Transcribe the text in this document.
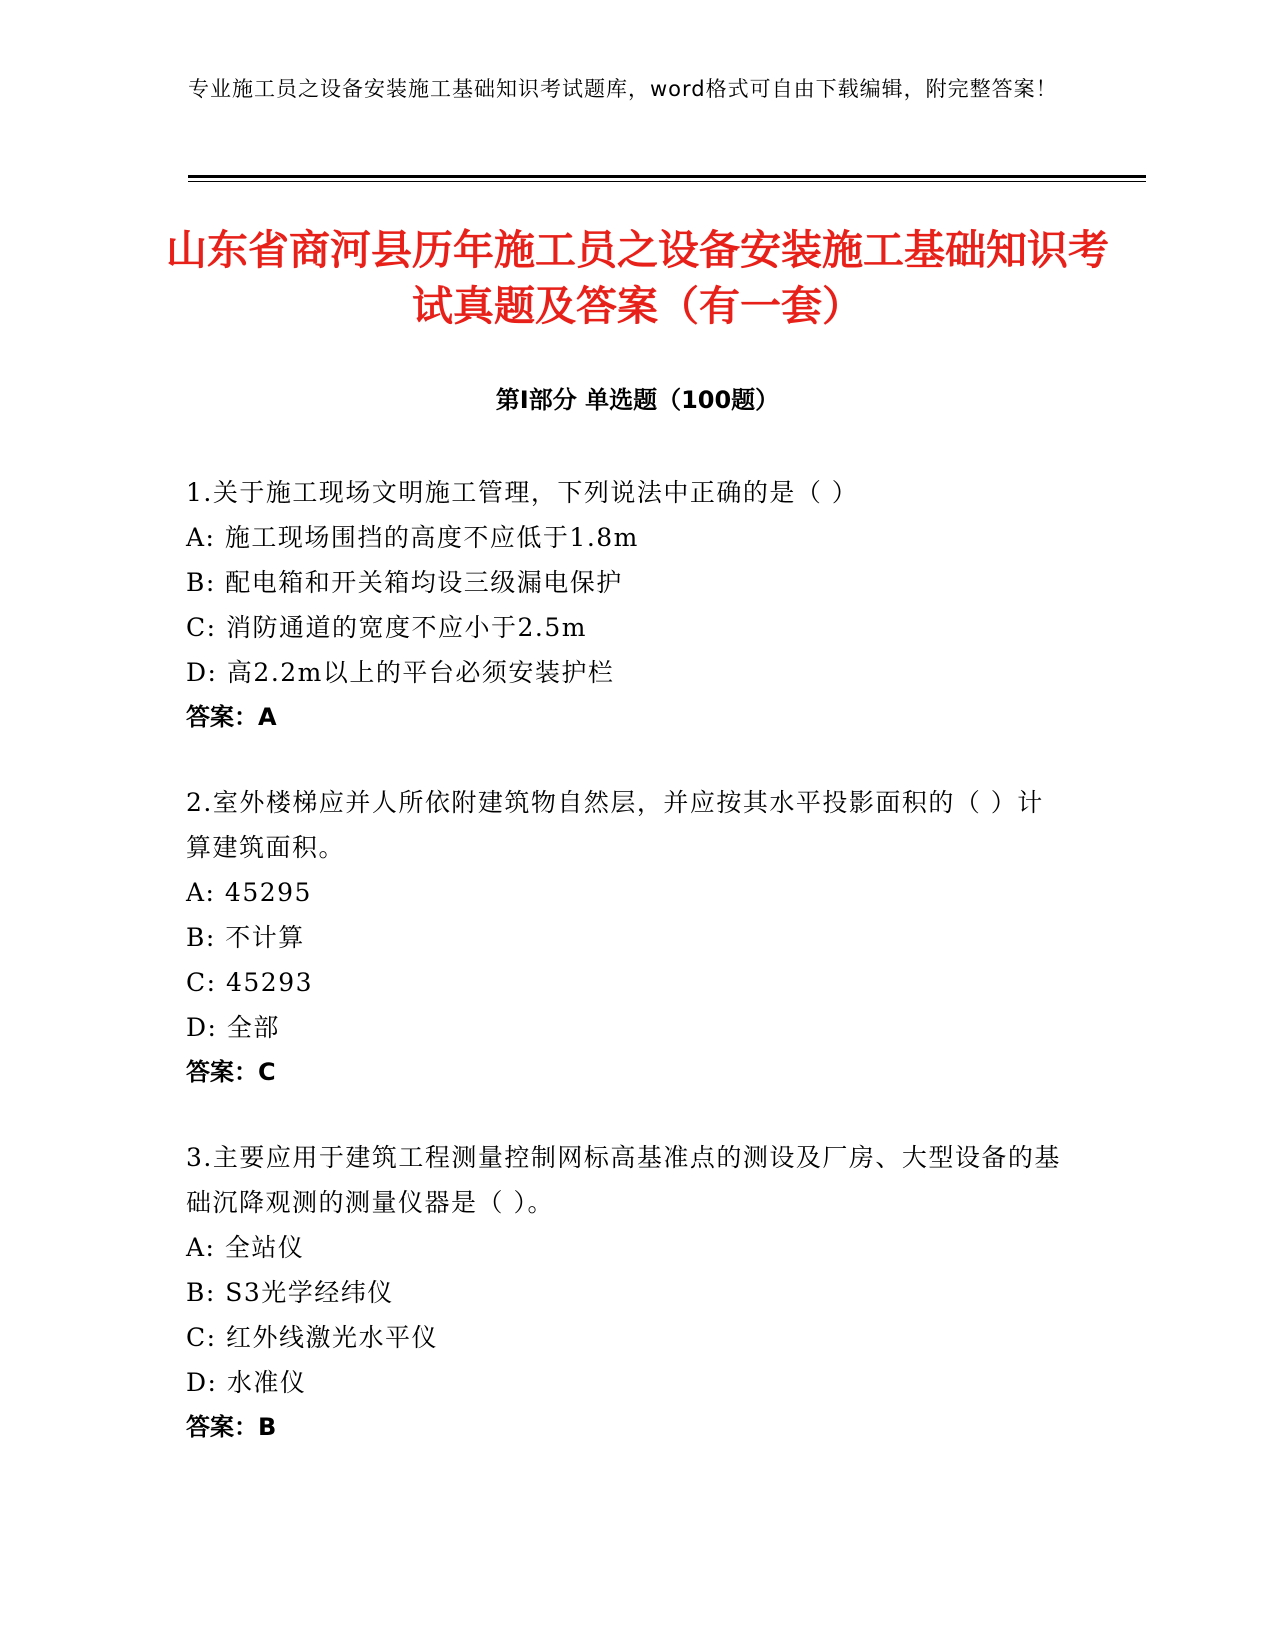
专业施工员之设备安装施工基础知识考试题库，word格式可自由下载编辑，附完整答案！
山东省商河县历年施工员之设备安装施工基础知识考试真题及答案（有一套）
第Ⅰ部分 单选题（100题）

1.关于施工现场文明施工管理，下列说法中正确的是（ ）

A: 施工现场围挡的高度不应低于1.8m

B: 配电箱和开关箱均设三级漏电保护

C: 消防通道的宽度不应小于2.5m

D: 高2.2m以上的平台必须安装护栏

答案：A

2.室外楼梯应并人所依附建筑物自然层，并应按其水平投影面积的（ ）计算建筑面积。

A: 45295

B: 不计算

C: 45293

D: 全部

答案：C

3.主要应用于建筑工程测量控制网标高基准点的测设及厂房、大型设备的基础沉降观测的测量仪器是（ ）。

A: 全站仪

B: S3光学经纬仪

C: 红外线激光水平仪

D: 水准仪

答案：B
